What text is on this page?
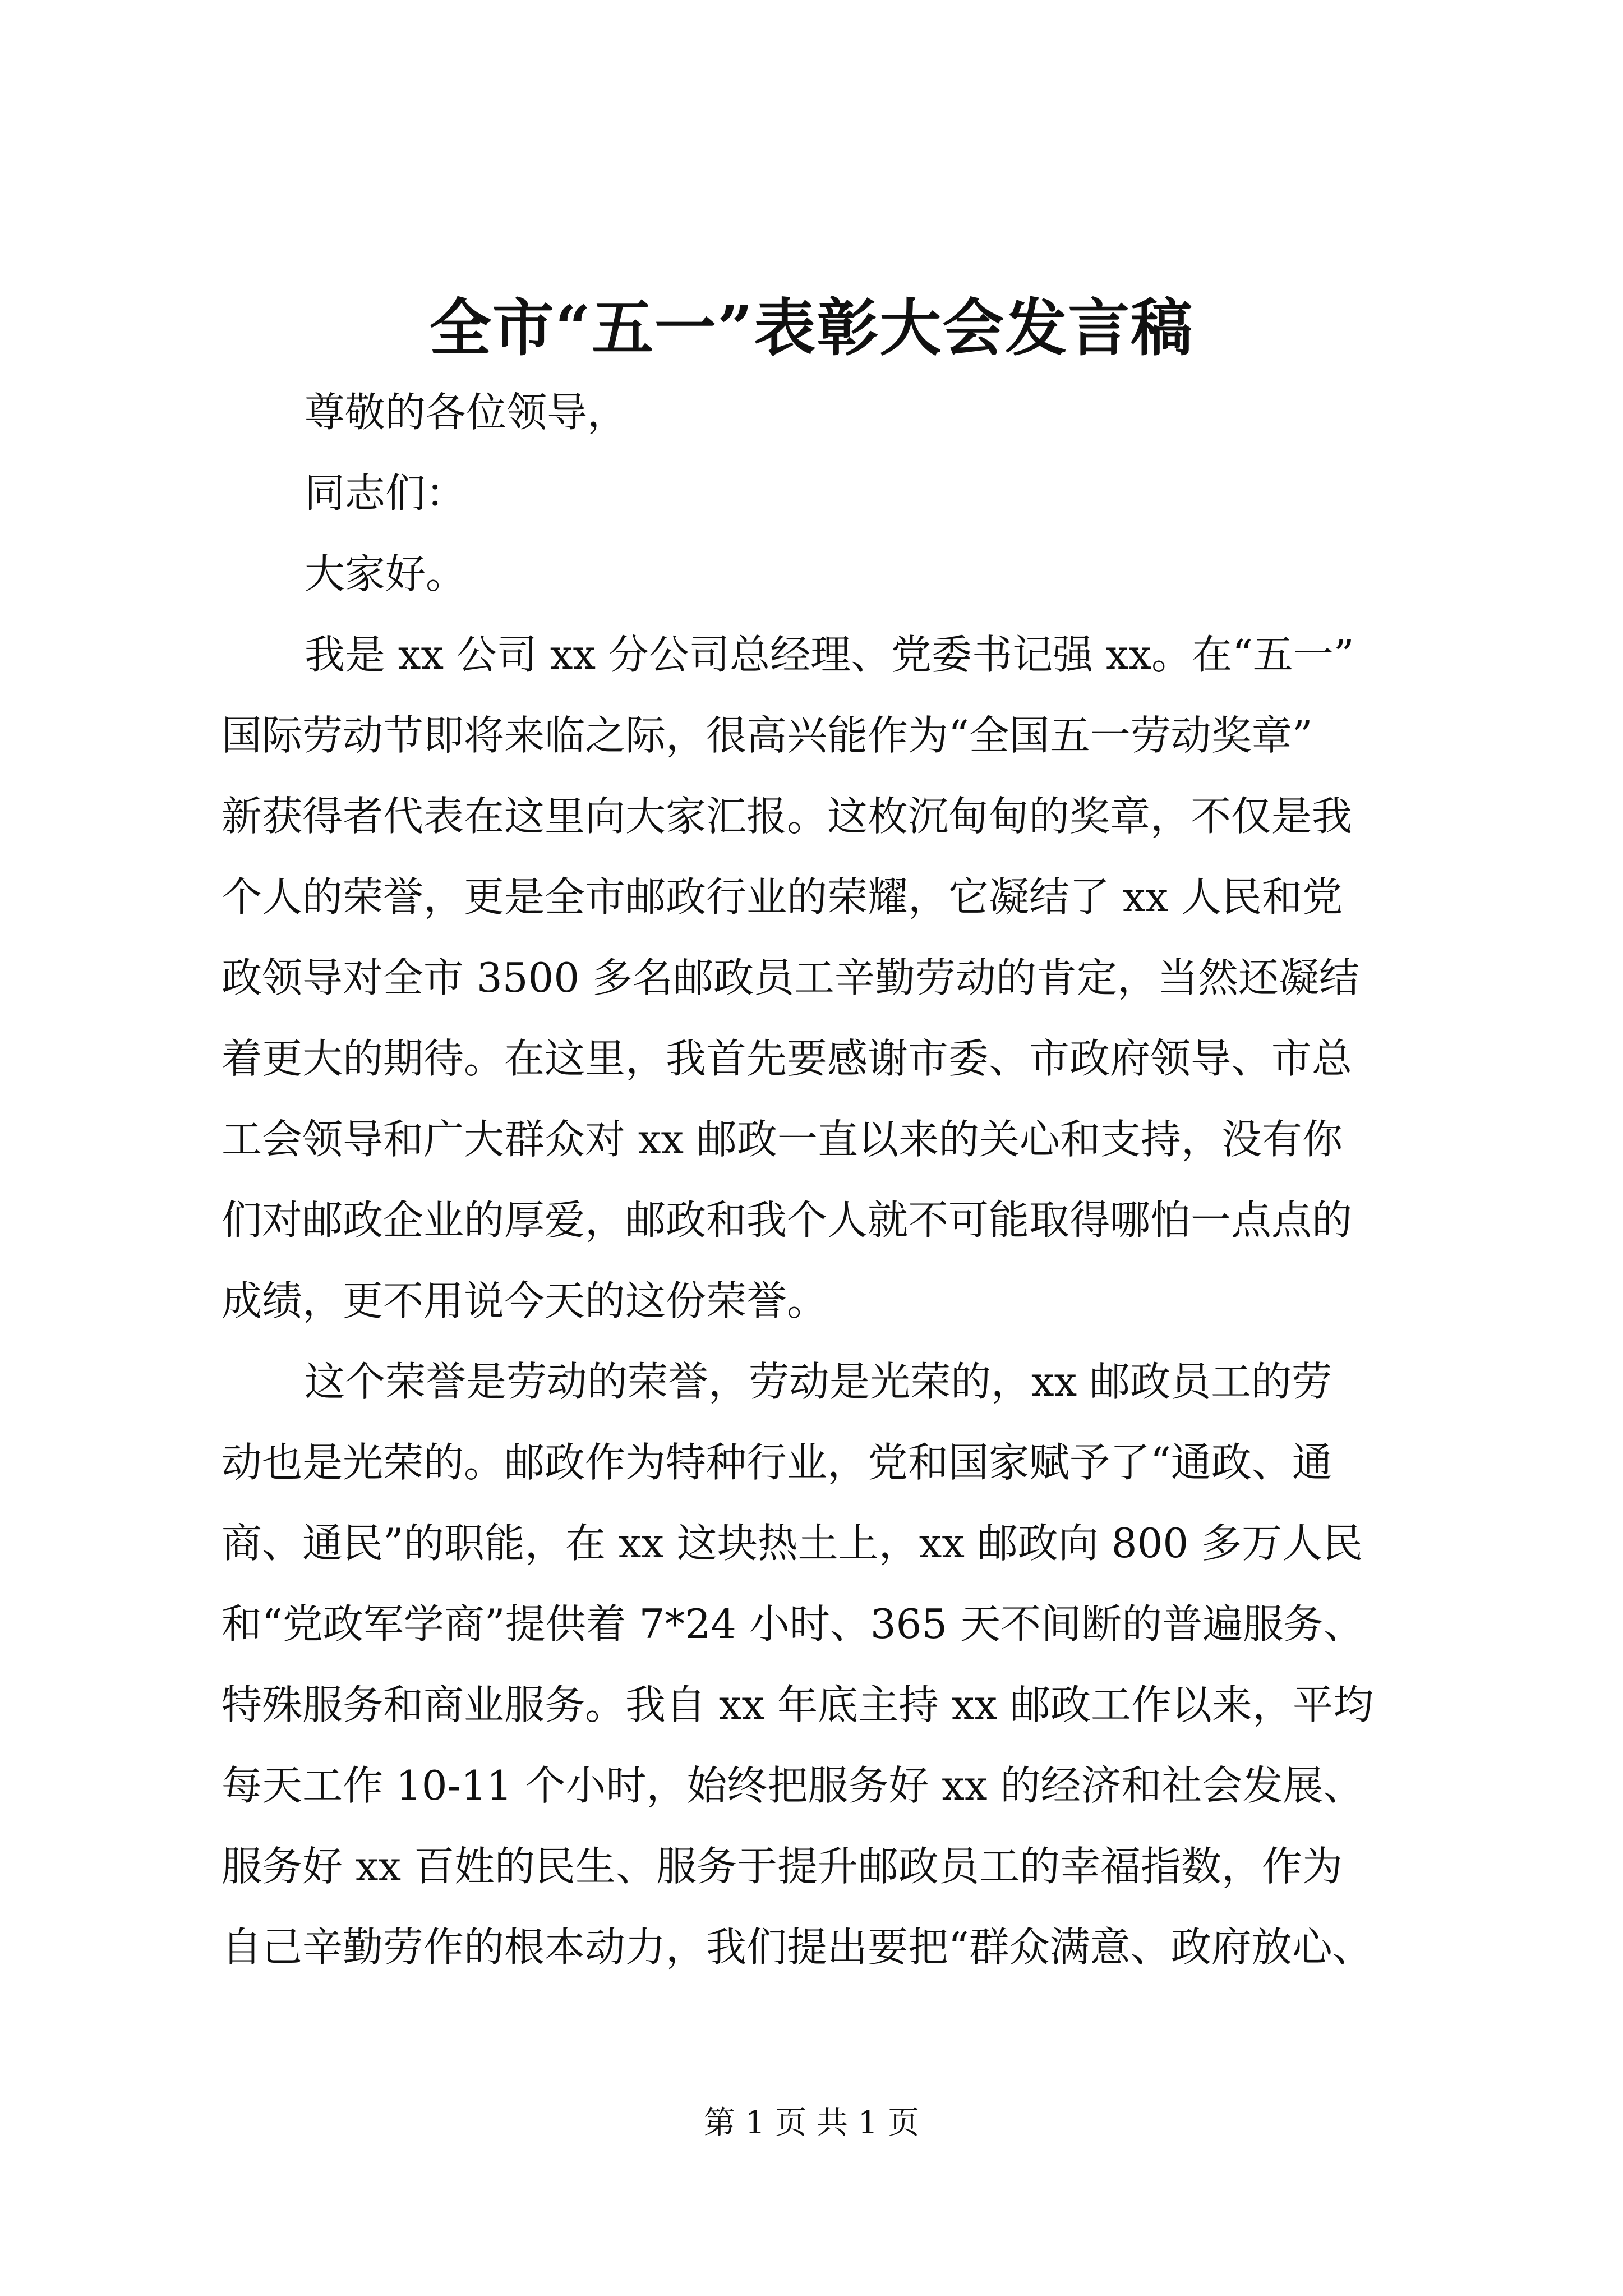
全市“五一”表彰大会发言稿
尊敬的各位领导，
同志们：
大家好。
我是 xx 公司 xx 分公司总经理、党委书记强 xx。在“五一”
国际劳动节即将来临之际，很高兴能作为“全国五一劳动奖章”
新获得者代表在这里向大家汇报。这枚沉甸甸的奖章，不仅是我
个人的荣誉，更是全市邮政行业的荣耀，它凝结了 xx 人民和党
政领导对全市 3500 多名邮政员工辛勤劳动的肯定，当然还凝结
着更大的期待。在这里，我首先要感谢市委、市政府领导、市总
工会领导和广大群众对 xx 邮政一直以来的关心和支持，没有你
们对邮政企业的厚爱，邮政和我个人就不可能取得哪怕一点点的
成绩，更不用说今天的这份荣誉。
这个荣誉是劳动的荣誉，劳动是光荣的，xx 邮政员工的劳
动也是光荣的。邮政作为特种行业，党和国家赋予了“通政、通
商、通民”的职能，在 xx 这块热土上，xx 邮政向 800 多万人民
和“党政军学商”提供着 7*24 小时、365 天不间断的普遍服务、
特殊服务和商业服务。我自 xx 年底主持 xx 邮政工作以来，平均
每天工作 10-11 个小时，始终把服务好 xx 的经济和社会发展、
服务好 xx 百姓的民生、服务于提升邮政员工的幸福指数，作为
自己辛勤劳作的根本动力，我们提出要把“群众满意、政府放心、
第 1 页 共 1 页
